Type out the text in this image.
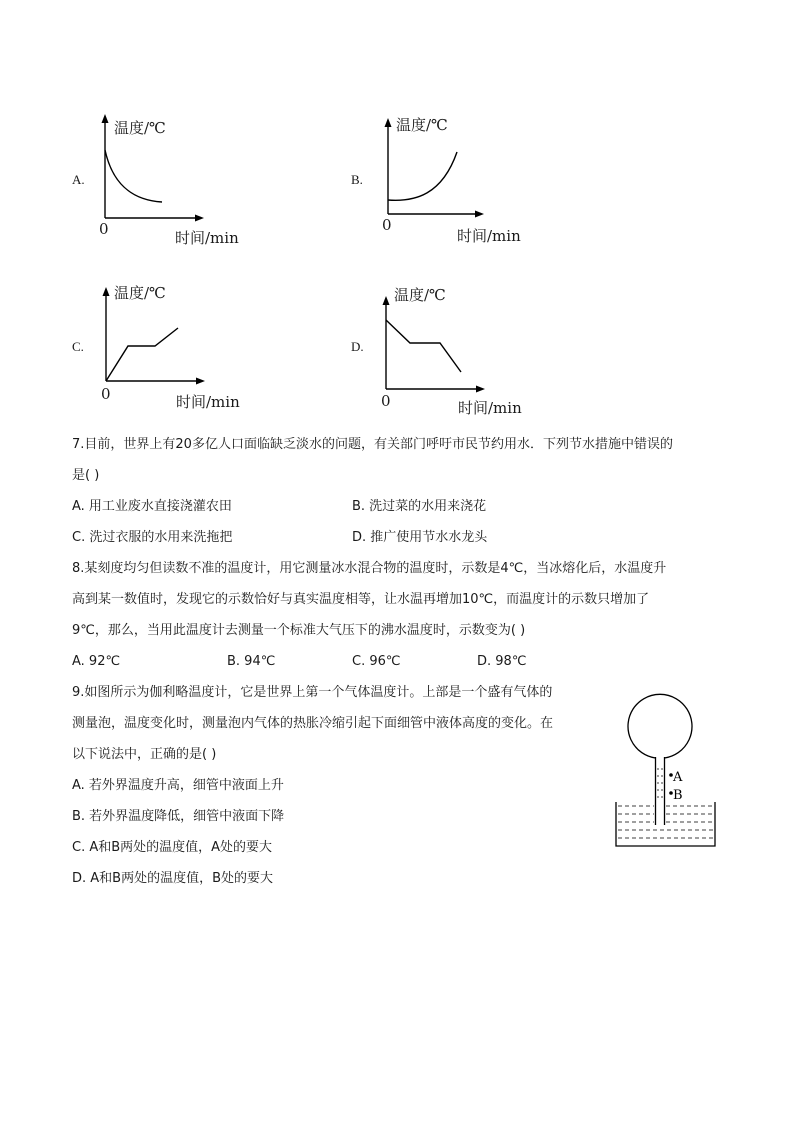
A.	B.
C.	D.
温度/℃
0	时间/min
温度/℃
0
时间/min
温度/℃
0	时间/min
温度/℃
0	时间/min
7.目前，世界上有20多亿人口面临缺乏淡水的问题，有关部门呼吁市民节约用水．下列节水措施中错误的
是( )
A. 用工业废水直接浇灌农田	B. 洗过菜的水用来浇花
C. 洗过衣服的水用来洗拖把	D. 推广使用节水水龙头
8.某刻度均匀但读数不准的温度计，用它测量冰水混合物的温度时，示数是4℃，当冰熔化后，水温度升
高到某一数值时，发现它的示数恰好与真实温度相等，让水温再增加10℃，而温度计的示数只增加了
9℃，那么，当用此温度计去测量一个标准大气压下的沸水温度时，示数变为( )
A. 92℃	B. 94℃	C. 96℃	D. 98℃
9.如图所示为伽利略温度计，它是世界上第一个气体温度计。上部是一个盛有气体的
测量泡，温度变化时，测量泡内气体的热胀冷缩引起下面细管中液体高度的变化。在
以下说法中，正确的是( )
A. 若外界温度升高，细管中液面上升
B. 若外界温度降低，细管中液面下降
C. A和B两处的温度值，A处的要大
D. A和B两处的温度值，B处的要大
A
B
